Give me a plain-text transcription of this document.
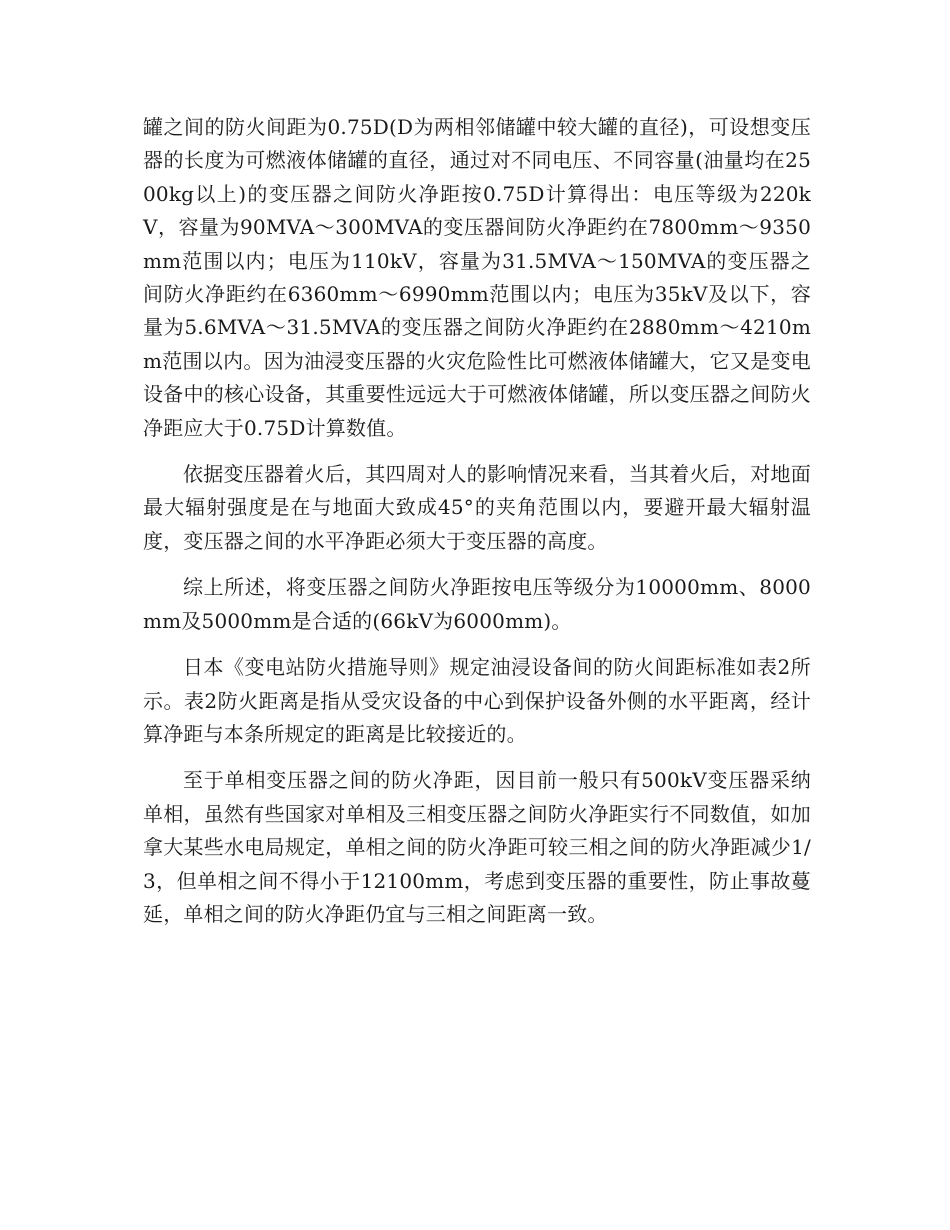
罐之间的防火间距为0.75D(D为两相邻储罐中较大罐的直径)，可设想变压器的长度为可燃液体储罐的直径，通过对不同电压、不同容量(油量均在2500kg以上)的变压器之间防火净距按0.75D计算得出：电压等级为220kV，容量为90MVA～300MVA的变压器间防火净距约在7800mm～9350mm范围以内；电压为110kV，容量为31.5MVA～150MVA的变压器之间防火净距约在6360mm～6990mm范围以内；电压为35kV及以下，容量为5.6MVA～31.5MVA的变压器之间防火净距约在2880mm～4210mm范围以内。因为油浸变压器的火灾危险性比可燃液体储罐大，它又是变电设备中的核心设备，其重要性远远大于可燃液体储罐，所以变压器之间防火净距应大于0.75D计算数值。

依据变压器着火后，其四周对人的影响情况来看，当其着火后，对地面最大辐射强度是在与地面大致成45°的夹角范围以内，要避开最大辐射温度，变压器之间的水平净距必须大于变压器的高度。

综上所述，将变压器之间防火净距按电压等级分为10000mm、8000mm及5000mm是合适的(66kV为6000mm)。

日本《变电站防火措施导则》规定油浸设备间的防火间距标准如表2所示。表2防火距离是指从受灾设备的中心到保护设备外侧的水平距离，经计算净距与本条所规定的距离是比较接近的。

至于单相变压器之间的防火净距，因目前一般只有500kV变压器采纳单相，虽然有些国家对单相及三相变压器之间防火净距实行不同数值，如加拿大某些水电局规定，单相之间的防火净距可较三相之间的防火净距减少1/3，但单相之间不得小于12100mm，考虑到变压器的重要性，防止事故蔓延，单相之间的防火净距仍宜与三相之间距离一致。
